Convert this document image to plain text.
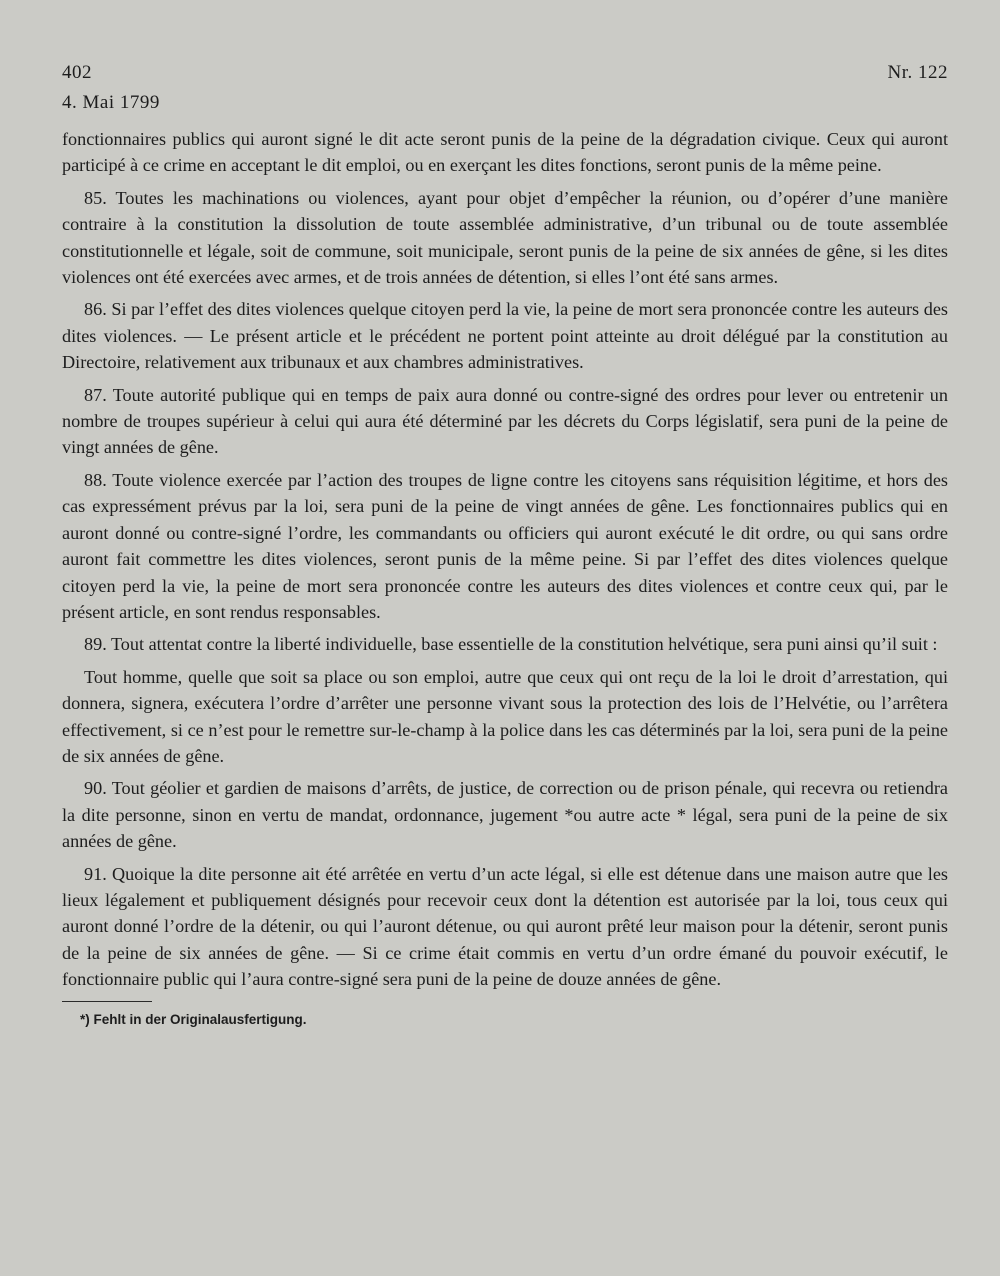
402	Nr. 122
4. Mai 1799

fonctionnaires publics qui auront signé le dit acte seront punis de la peine de la dégradation civique. Ceux qui auront participé à ce crime en acceptant le dit emploi, ou en exerçant les dites fonctions, seront punis de la même peine.

85. Toutes les machinations ou violences, ayant pour objet d’empêcher la réunion, ou d’opérer d’une manière contraire à la constitution la dissolution de toute assemblée administrative, d’un tribunal ou de toute assemblée constitutionnelle et légale, soit de commune, soit municipale, seront punis de la peine de six années de gêne, si les dites violences ont été exercées avec armes, et de trois années de détention, si elles l’ont été sans armes.

86. Si par l’effet des dites violences quelque citoyen perd la vie, la peine de mort sera prononcée contre les auteurs des dites violences. — Le présent article et le précédent ne portent point atteinte au droit délégué par la constitution au Directoire, relativement aux tribunaux et aux chambres administratives.

87. Toute autorité publique qui en temps de paix aura donné ou contre-signé des ordres pour lever ou entretenir un nombre de troupes supérieur à celui qui aura été déterminé par les décrets du Corps législatif, sera puni de la peine de vingt années de gêne.

88. Toute violence exercée par l’action des troupes de ligne contre les citoyens sans réquisition légitime, et hors des cas expressément prévus par la loi, sera puni de la peine de vingt années de gêne. Les fonctionnaires publics qui en auront donné ou contre-signé l’ordre, les commandants ou officiers qui auront exécuté le dit ordre, ou qui sans ordre auront fait commettre les dites violences, seront punis de la même peine. Si par l’effet des dites violences quelque citoyen perd la vie, la peine de mort sera prononcée contre les auteurs des dites violences et contre ceux qui, par le présent article, en sont rendus responsables.

89. Tout attentat contre la liberté individuelle, base essentielle de la constitution helvétique, sera puni ainsi qu’il suit :

Tout homme, quelle que soit sa place ou son emploi, autre que ceux qui ont reçu de la loi le droit d’arrestation, qui donnera, signera, exécutera l’ordre d’arrêter une personne vivant sous la protection des lois de l’Helvétie, ou l’arrêtera effectivement, si ce n’est pour le remettre sur-le-champ à la police dans les cas déterminés par la loi, sera puni de la peine de six années de gêne.

90. Tout géolier et gardien de maisons d’arrêts, de justice, de correction ou de prison pénale, qui recevra ou retiendra la dite personne, sinon en vertu de mandat, ordonnance, jugement *ou autre acte * légal, sera puni de la peine de six années de gêne.

91. Quoique la dite personne ait été arrêtée en vertu d’un acte légal, si elle est détenue dans une maison autre que les lieux légalement et publiquement désignés pour recevoir ceux dont la détention est autorisée par la loi, tous ceux qui auront donné l’ordre de la détenir, ou qui l’auront détenue, ou qui auront prêté leur maison pour la détenir, seront punis de la peine de six années de gêne. — Si ce crime était commis en vertu d’un ordre émané du pouvoir exécutif, le fonctionnaire public qui l’aura contre-signé sera puni de la peine de douze années de gêne.

*) Fehlt in der Originalausfertigung.
